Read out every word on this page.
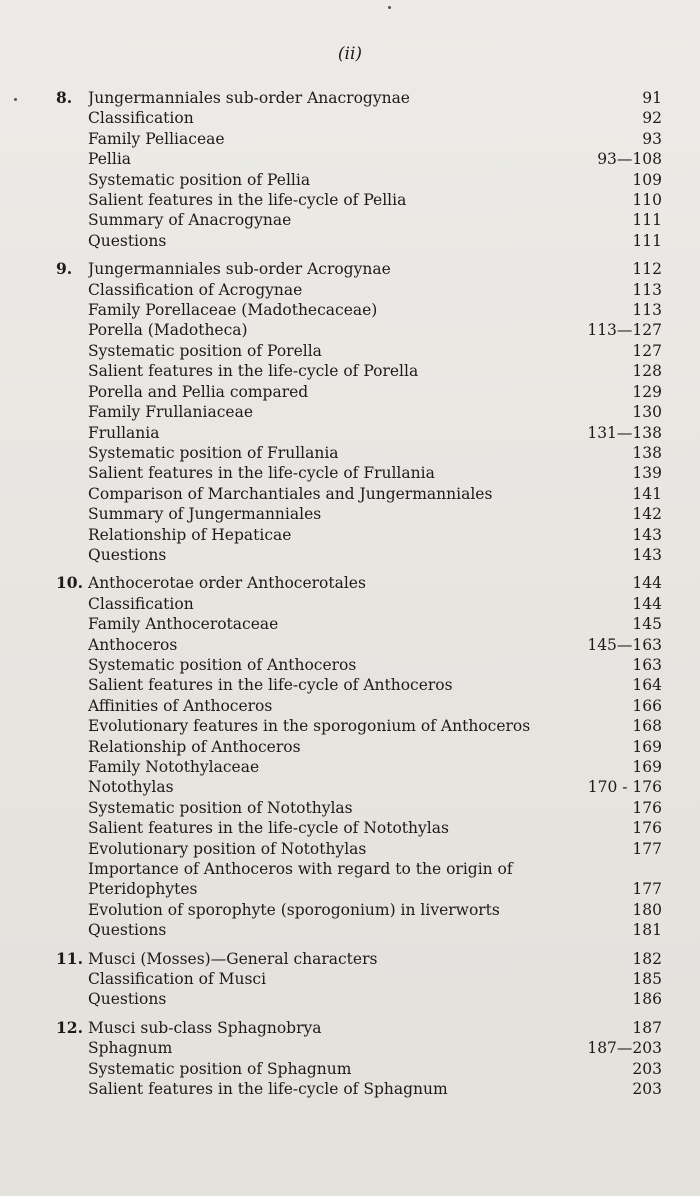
(ii)
8.	Jungermanniales sub-order Anacrogynae	91
Classification	92
Family Pelliaceae	93
Pellia	93—108
Systematic position of Pellia	109
Salient features in the life-cycle of Pellia	110
Summary of Anacrogynae	111
Questions	111
9.	Jungermanniales sub-order Acrogynae	112
Classification of Acrogynae	113
Family Porellaceae (Madothecaceae)	113
Porella (Madotheca)	113—127
Systematic position of Porella	127
Salient features in the life-cycle of Porella	128
Porella and Pellia compared	129
Family Frullaniaceae	130
Frullania	131—138
Systematic position of Frullania	138
Salient features in the life-cycle of Frullania	139
Comparison of Marchantiales and Jungermanniales	141
Summary of Jungermanniales	142
Relationship of Hepaticae	143
Questions	143
10. Anthocerotae order Anthocerotales	144
Classification	144
Family Anthocerotaceae	145
Anthoceros	145—163
Systematic position of Anthoceros	163
Salient features in the life-cycle of Anthoceros	164
Affinities of Anthoceros	166
Evolutionary features in the sporogonium of Anthoceros	168
Relationship of Anthoceros	169
Family Notothylaceae	169
Notothylas	170 - 176
Systematic position of Notothylas	176
Salient features in the life-cycle of Notothylas	176
Evolutionary position of Notothylas	177
Importance of Anthoceros with regard to the origin of
Pteridophytes	177
Evolution of sporophyte (sporogonium) in liverworts	180
Questions	181
11. Musci (Mosses)—General characters	182
Classification of Musci	185
Questions	186
12. Musci sub-class Sphagnobrya	187
Sphagnum	187—203
Systematic position of Sphagnum	203
Salient features in the life-cycle of Sphagnum	203
